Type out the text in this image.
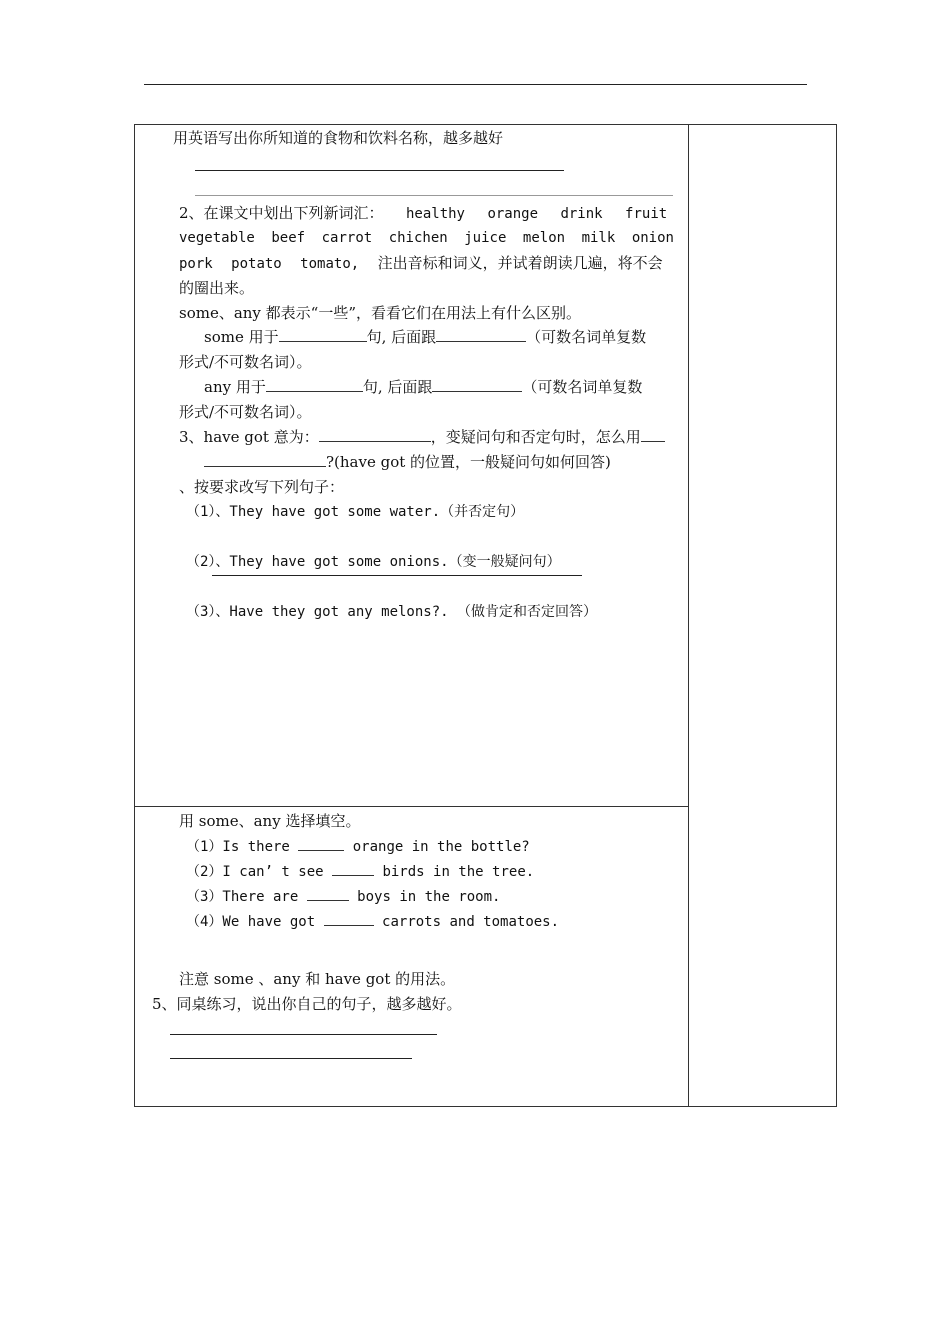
用英语写出你所知道的食物和饮料名称，越多越好
2、在课文中划出下列新词汇： healthy orange drink fruit
vegetable beef carrot chichen juice melon milk onion
pork potato tomato, 注出音标和词义，并试着朗读几遍，将不会
的圈出来。
some、any 都表示“一些”，看看它们在用法上有什么区别。
some 用于	句, 后面跟	（可数名词单复数
形式/不可数名词）。
any 用于	句, 后面跟	（可数名词单复数
形式/不可数名词）。
3、have got 意为：	，变疑问句和否定句时，怎么用
?(have got 的位置，一般疑问句如何回答)
、按要求改写下列句子：
（1）、They have got some water.（并否定句）
（2）、They have got some onions.（变一般疑问句）
（3）、Have they got any melons?. （做肯定和否定回答）
用 some、any 选择填空。
（1）Is there	orange in the bottle?
（2）I can’ t see	birds in the tree.
（3）There are	boys in the room.
（4）We have got	carrots and tomatoes.
注意 some 、any 和 have got 的用法。
5、同桌练习，说出你自己的句子，越多越好。
